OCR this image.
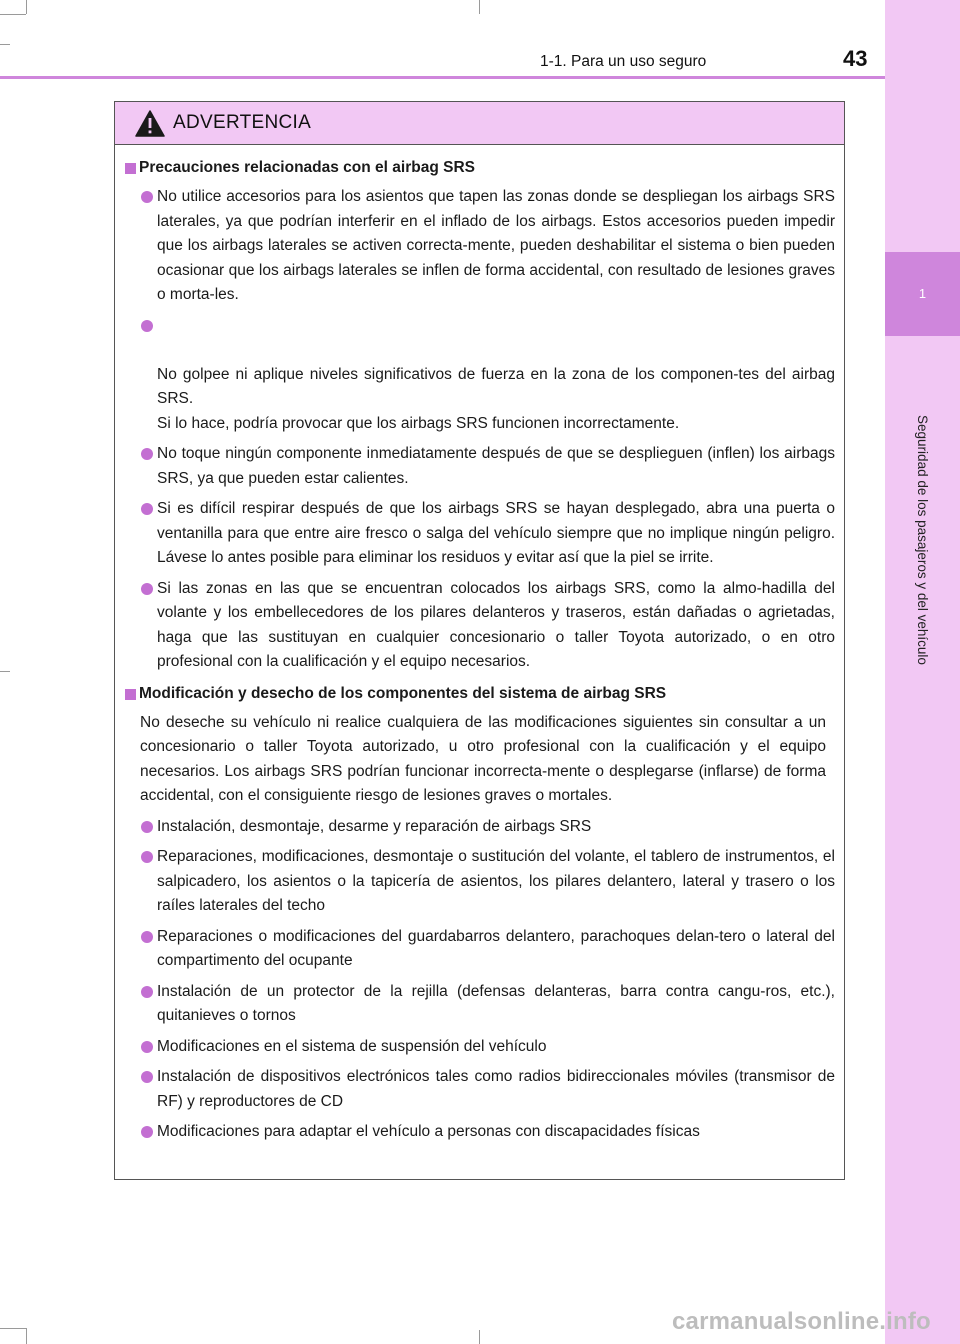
1
Seguridad de los pasajeros y del vehículo
1-1. Para un uso seguro	43
ADVERTENCIA
Precauciones relacionadas con el airbag SRS
No utilice accesorios para los asientos que tapen las zonas donde se despliegan los airbags SRS laterales, ya que podrían interferir en el inflado de los airbags. Estos accesorios pueden impedir que los airbags laterales se activen correcta-mente, pueden deshabilitar el sistema o bien pueden ocasionar que los airbags laterales se inflen de forma accidental, con resultado de lesiones graves o morta-les.

No golpee ni aplique niveles significativos de fuerza en la zona de los componen-tes del airbag SRS.
Si lo hace, podría provocar que los airbags SRS funcionen incorrectamente.

No toque ningún componente inmediatamente después de que se desplieguen (inflen) los airbags SRS, ya que pueden estar calientes.
Si es difícil respirar después de que los airbags SRS se hayan desplegado, abra una puerta o ventanilla para que entre aire fresco o salga del vehículo siempre que no implique ningún peligro. Lávese lo antes posible para eliminar los residuos y evitar así que la piel se irrite.
Si las zonas en las que se encuentran colocados los airbags SRS, como la almo-hadilla del volante y los embellecedores de los pilares delanteros y traseros, están dañadas o agrietadas, haga que las sustituyan en cualquier concesionario o taller Toyota autorizado, o en otro profesional con la cualificación y el equipo necesarios.
Modificación y desecho de los componentes del sistema de airbag SRS
No deseche su vehículo ni realice cualquiera de las modificaciones siguientes sin consultar a un concesionario o taller Toyota autorizado, u otro profesional con la cualificación y el equipo necesarios. Los airbags SRS podrían funcionar incorrecta-mente o desplegarse (inflarse) de forma accidental, con el consiguiente riesgo de lesiones graves o mortales.
Instalación, desmontaje, desarme y reparación de airbags SRS
Reparaciones, modificaciones, desmontaje o sustitución del volante, el tablero de instrumentos, el salpicadero, los asientos o la tapicería de asientos, los pilares delantero, lateral y trasero o los raíles laterales del techo
Reparaciones o modificaciones del guardabarros delantero, parachoques delan-tero o lateral del compartimento del ocupante
Instalación de un protector de la rejilla (defensas delanteras, barra contra cangu-ros, etc.), quitanieves o tornos
Modificaciones en el sistema de suspensión del vehículo
Instalación de dispositivos electrónicos tales como radios bidireccionales móviles (transmisor de RF) y reproductores de CD
Modificaciones para adaptar el vehículo a personas con discapacidades físicas
carmanualsonline.info
